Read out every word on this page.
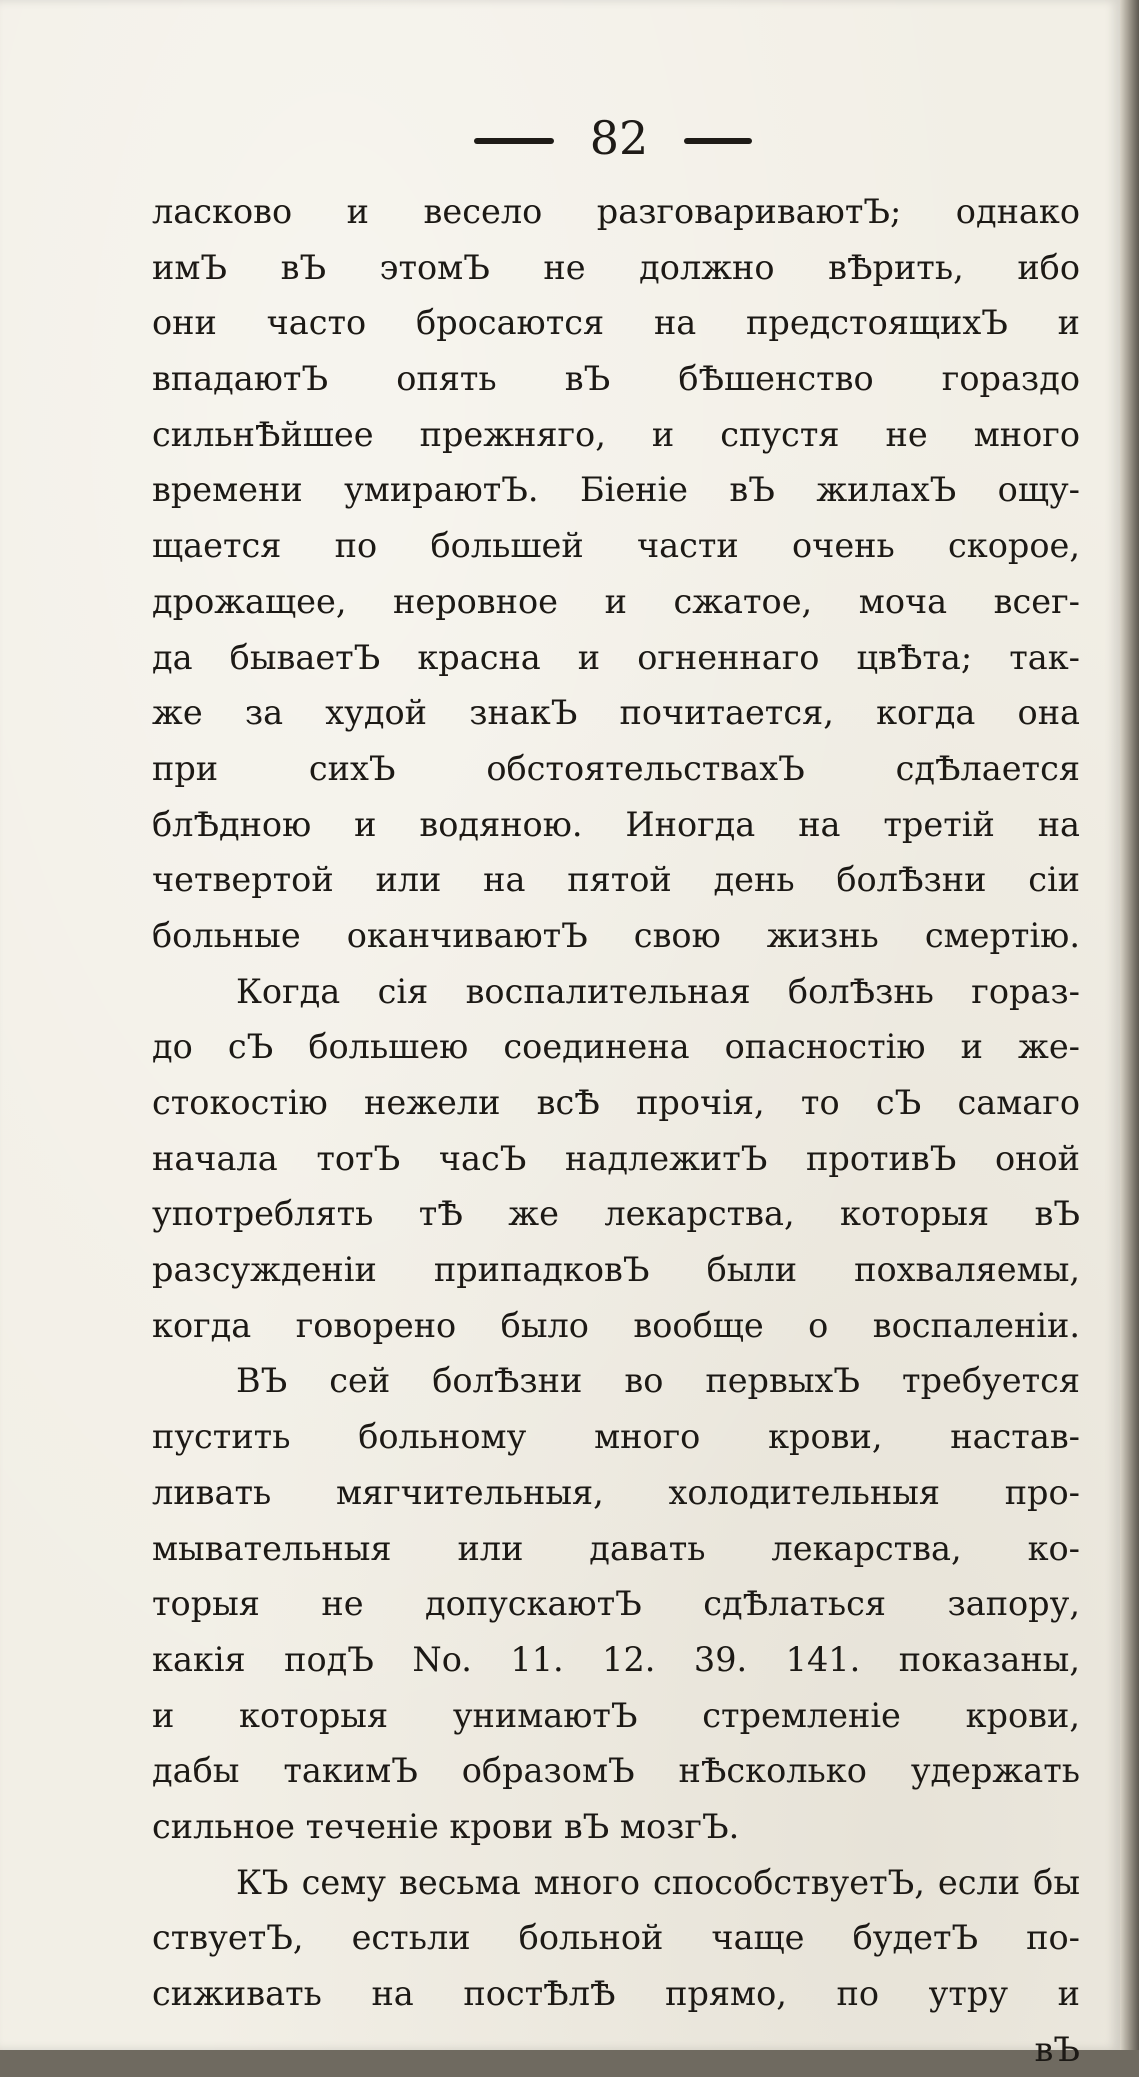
82
ласково и весело разговариваютЪ; однако
имЪ вЪ этомЪ не должно вѢрить, ибо
они часто бросаются на предстоящихЪ и
впадаютЪ опять вЪ бѢшенство гораздо
сильнѢйшее прежняго, и спустя не много
времени умираютЪ. Біеніе вЪ жилахЪ ощу-
щается по большей части очень скорое,
дрожащее, неровное и сжатое, моча всег-
да бываетЪ красна и огненнаго цвѢта; так-
же за худой знакЪ почитается, когда она
при сихЪ обстоятельствахЪ сдѢлается
блѢдною и водяною. Иногда на третій на
четвертой или на пятой день болѢзни сіи
больные оканчиваютЪ свою жизнь смертію.
Когда сія воспалительная болѢзнь гораз-
до сЪ большею соединена опасностію и же-
стокостію нежели всѢ прочія, то сЪ самаго
начала тотЪ часЪ надлежитЪ противЪ оной
употреблять тѢ же лекарства, которыя вЪ
разсужденіи припадковЪ были похваляемы,
когда говорено было вообще о воспаленіи.
ВЪ сей болѢзни во первыхЪ требуется
пустить больному много крови, настав-
ливать мягчительныя, холодительныя про-
мывательныя или давать лекарства, ко-
торыя не допускаютЪ сдѢлаться запору,
какія подЪ No. 11. 12. 39. 141. показаны,
и которыя унимаютЪ стремленіе крови,
дабы такимЪ образомЪ нѢсколько удержать
сильное теченіе крови вЪ мозгЪ.
КЪ сему весьма много способствуетЪ, если бы
ствуетЪ, естьли больной чаще будетЪ по-
сиживать на постѢлѢ прямо, по утру и
вЪ
